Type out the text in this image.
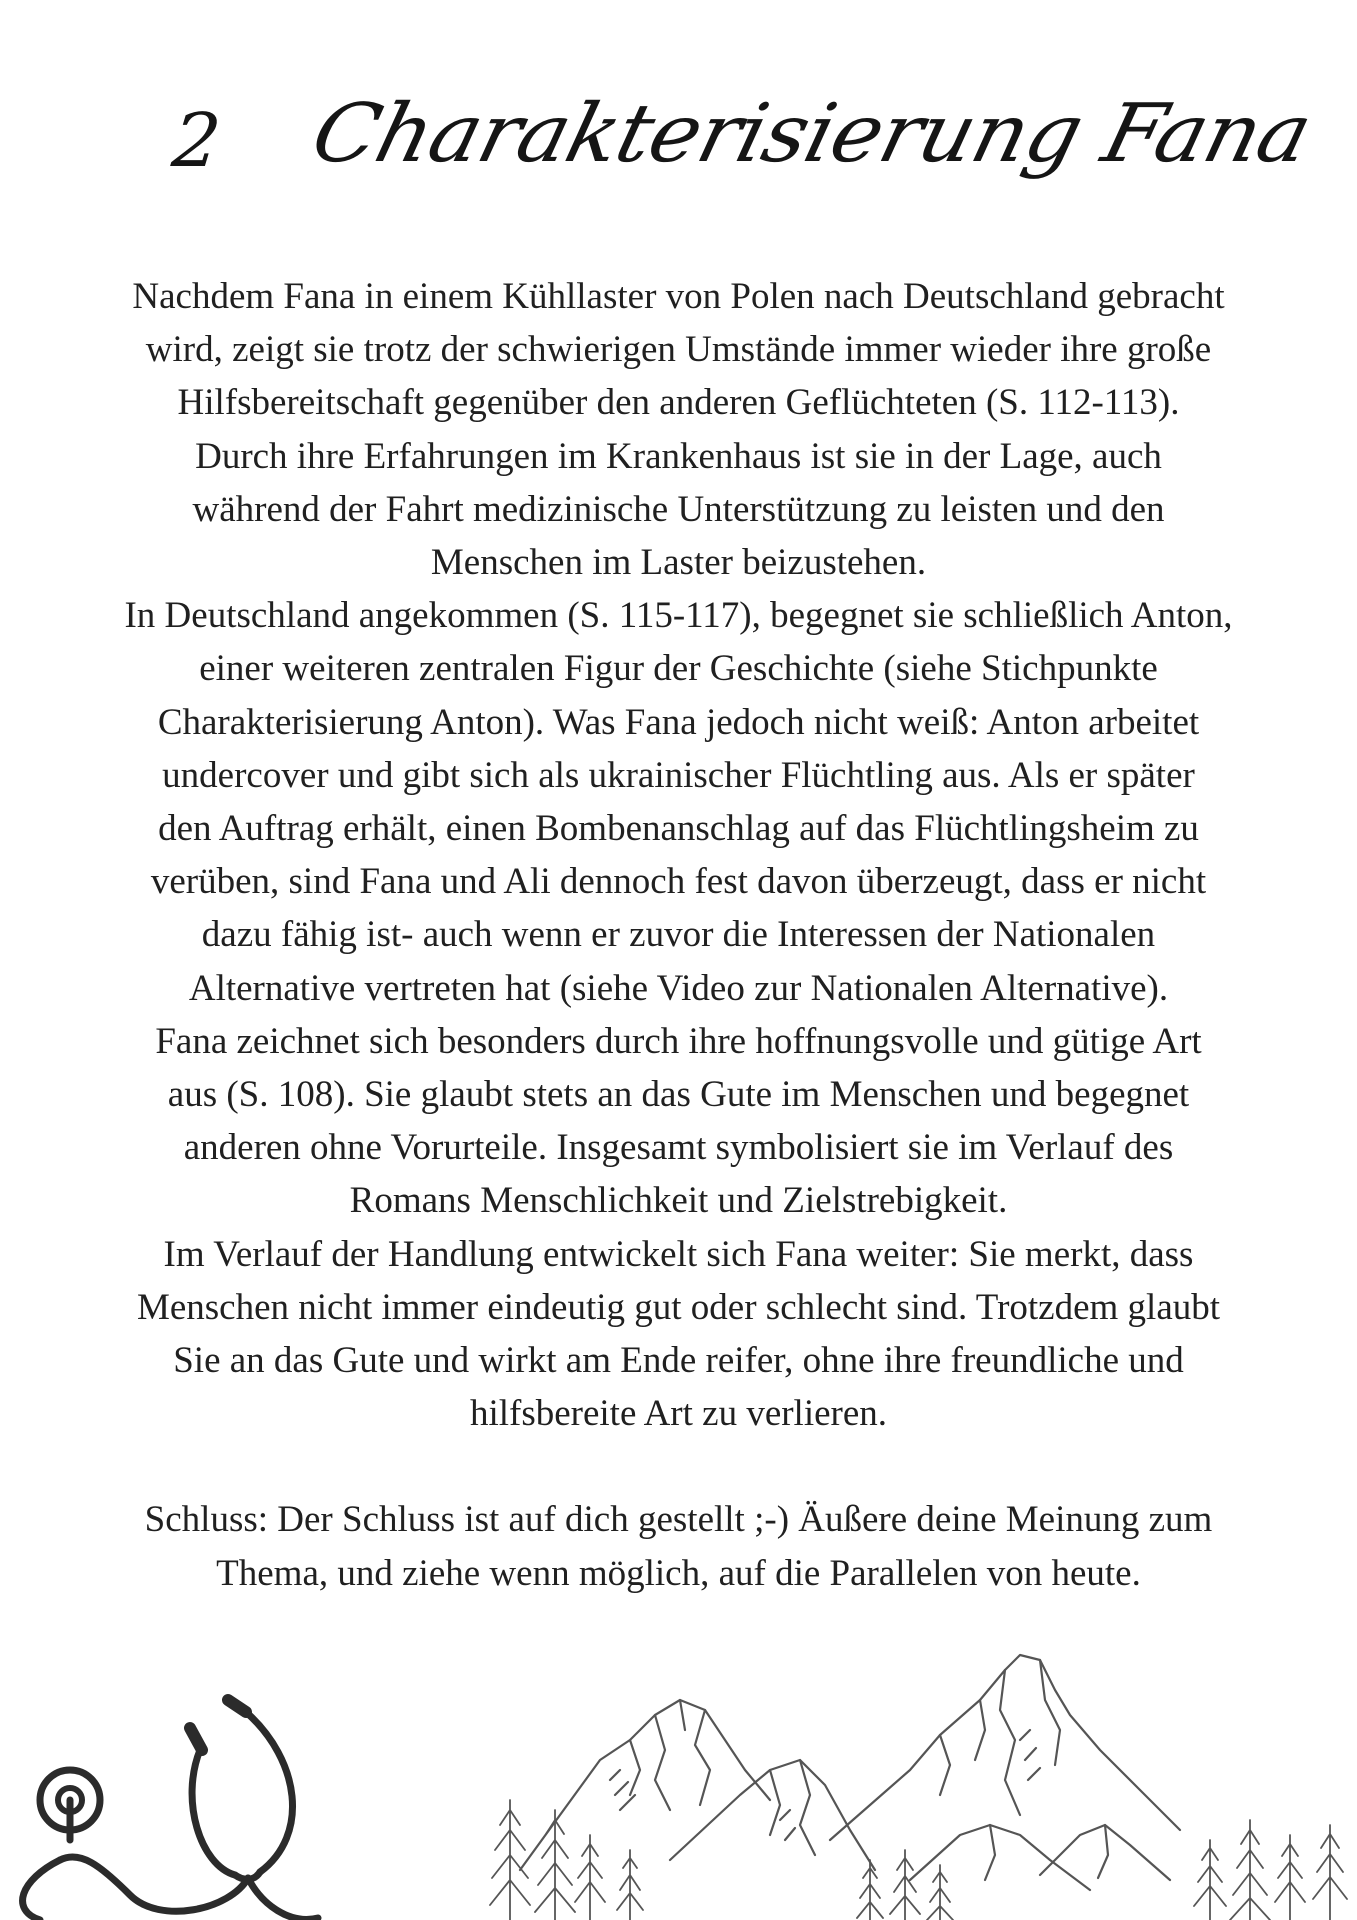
2 Charakterisierung Fana

Nachdem Fana in einem Kühllaster von Polen nach Deutschland gebracht
wird, zeigt sie trotz der schwierigen Umstände immer wieder ihre große
Hilfsbereitschaft gegenüber den anderen Geflüchteten (S. 112-113).
Durch ihre Erfahrungen im Krankenhaus ist sie in der Lage, auch
während der Fahrt medizinische Unterstützung zu leisten und den
Menschen im Laster beizustehen.

In Deutschland angekommen (S. 115-117), begegnet sie schließlich Anton,
einer weiteren zentralen Figur der Geschichte (siehe Stichpunkte
Charakterisierung Anton). Was Fana jedoch nicht weiß: Anton arbeitet
undercover und gibt sich als ukrainischer Flüchtling aus. Als er später
den Auftrag erhält, einen Bombenanschlag auf das Flüchtlingsheim zu
verüben, sind Fana und Ali dennoch fest davon überzeugt, dass er nicht
dazu fähig ist- auch wenn er zuvor die Interessen der Nationalen
Alternative vertreten hat (siehe Video zur Nationalen Alternative).

Fana zeichnet sich besonders durch ihre hoffnungsvolle und gütige Art
aus (S. 108). Sie glaubt stets an das Gute im Menschen und begegnet
anderen ohne Vorurteile. Insgesamt symbolisiert sie im Verlauf des
Romans Menschlichkeit und Zielstrebigkeit.

Im Verlauf der Handlung entwickelt sich Fana weiter: Sie merkt, dass
Menschen nicht immer eindeutig gut oder schlecht sind. Trotzdem glaubt
Sie an das Gute und wirkt am Ende reifer, ohne ihre freundliche und
hilfsbereite Art zu verlieren.

Schluss: Der Schluss ist auf dich gestellt ;-) Äußere deine Meinung zum
Thema, und ziehe wenn möglich, auf die Parallelen von heute.
